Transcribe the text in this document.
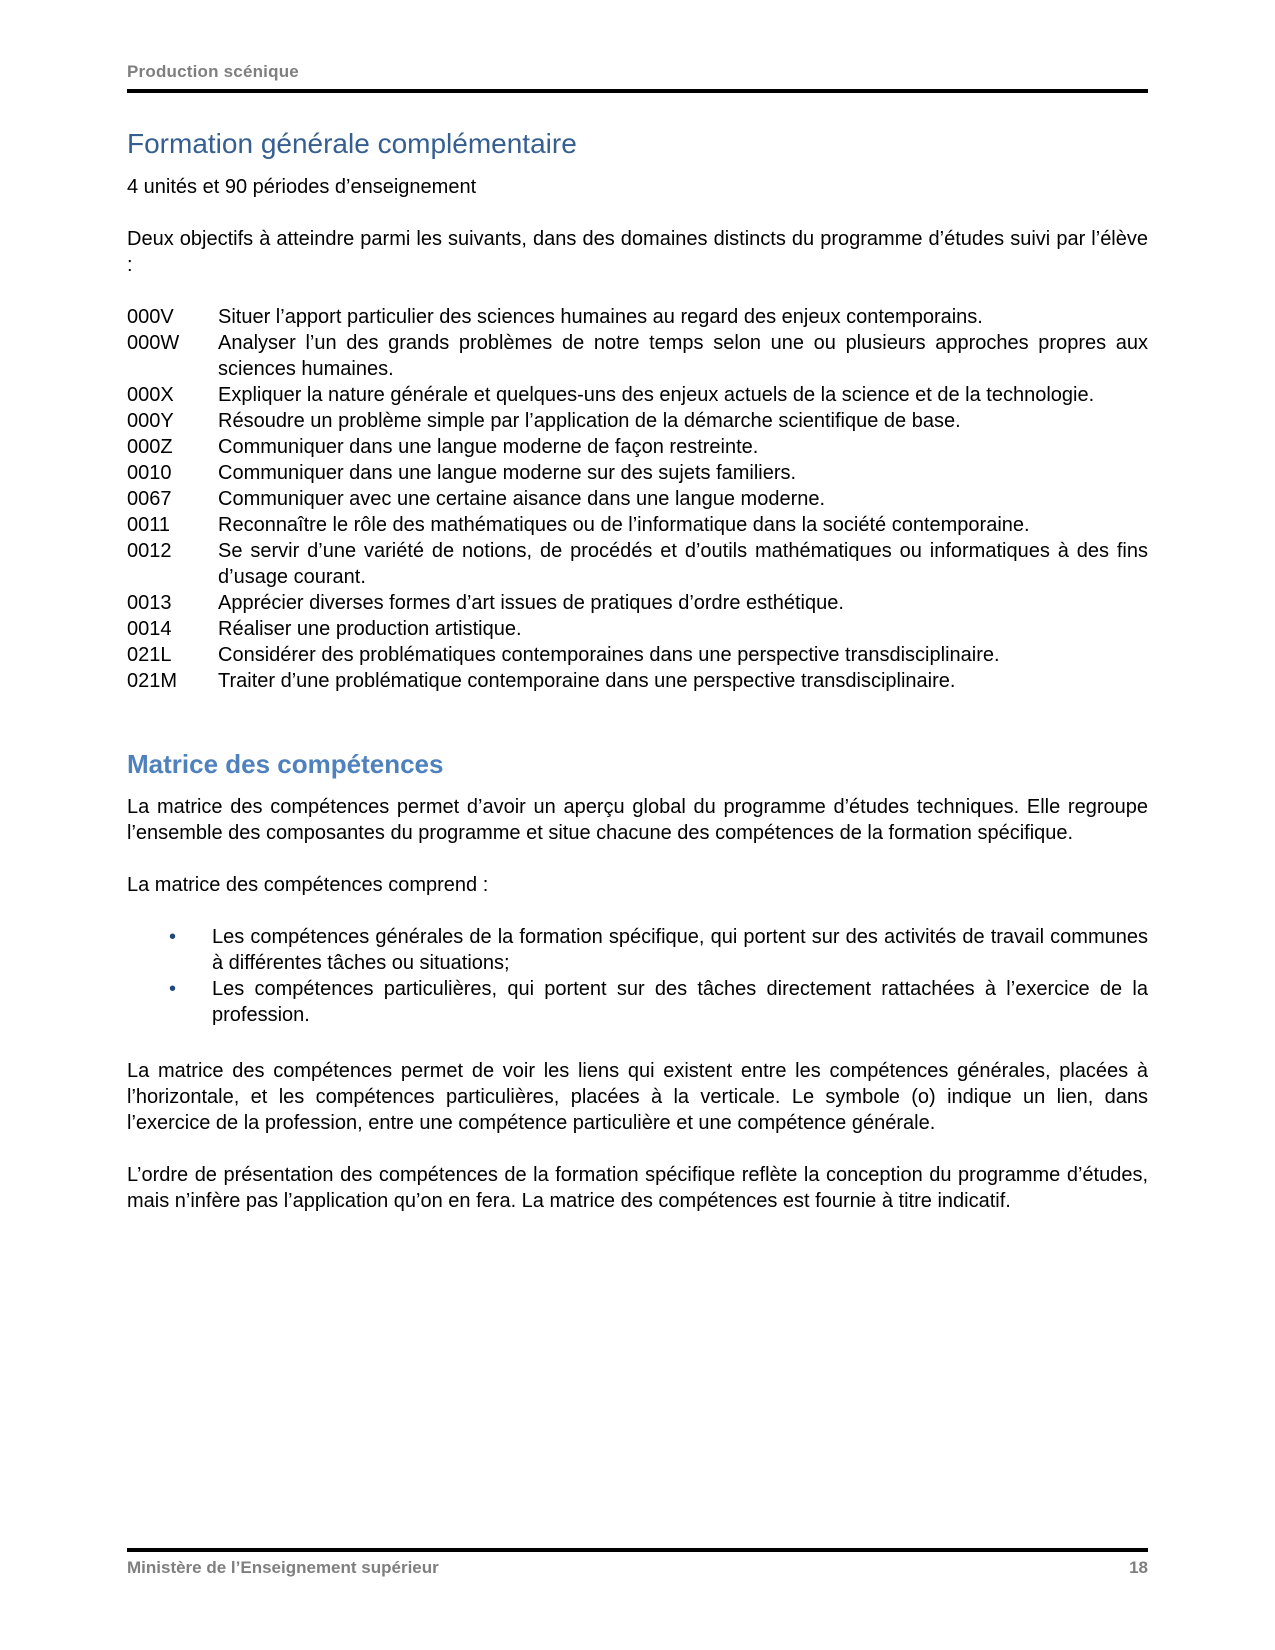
Production scénique
Formation générale complémentaire

4 unités et 90 périodes d’enseignement

Deux objectifs à atteindre parmi les suivants, dans des domaines distincts du programme d’études suivi par l’élève :

000V	Situer l’apport particulier des sciences humaines au regard des enjeux contemporains.
000W	Analyser l’un des grands problèmes de notre temps selon une ou plusieurs approches propres aux sciences humaines.
000X	Expliquer la nature générale et quelques-uns des enjeux actuels de la science et de la technologie.
000Y	Résoudre un problème simple par l’application de la démarche scientifique de base.
000Z	Communiquer dans une langue moderne de façon restreinte.
0010	Communiquer dans une langue moderne sur des sujets familiers.
0067	Communiquer avec une certaine aisance dans une langue moderne.
0011	Reconnaître le rôle des mathématiques ou de l’informatique dans la société contemporaine.
0012	Se servir d’une variété de notions, de procédés et d’outils mathématiques ou informatiques à des fins d’usage courant.
0013	Apprécier diverses formes d’art issues de pratiques d’ordre esthétique.
0014	Réaliser une production artistique.
021L	Considérer des problématiques contemporaines dans une perspective transdisciplinaire.
021M	Traiter d’une problématique contemporaine dans une perspective transdisciplinaire.
Matrice des compétences

La matrice des compétences permet d’avoir un aperçu global du programme d’études techniques. Elle regroupe l’ensemble des composantes du programme et situe chacune des compétences de la formation spécifique.

La matrice des compétences comprend :

• Les compétences générales de la formation spécifique, qui portent sur des activités de travail communes à différentes tâches ou situations;
• Les compétences particulières, qui portent sur des tâches directement rattachées à l’exercice de la profession.

La matrice des compétences permet de voir les liens qui existent entre les compétences générales, placées à l’horizontale, et les compétences particulières, placées à la verticale. Le symbole (o) indique un lien, dans l’exercice de la profession, entre une compétence particulière et une compétence générale.

L’ordre de présentation des compétences de la formation spécifique reflète la conception du programme d’études, mais n’infère pas l’application qu’on en fera. La matrice des compétences est fournie à titre indicatif.

Ministère de l’Enseignement supérieur	18
